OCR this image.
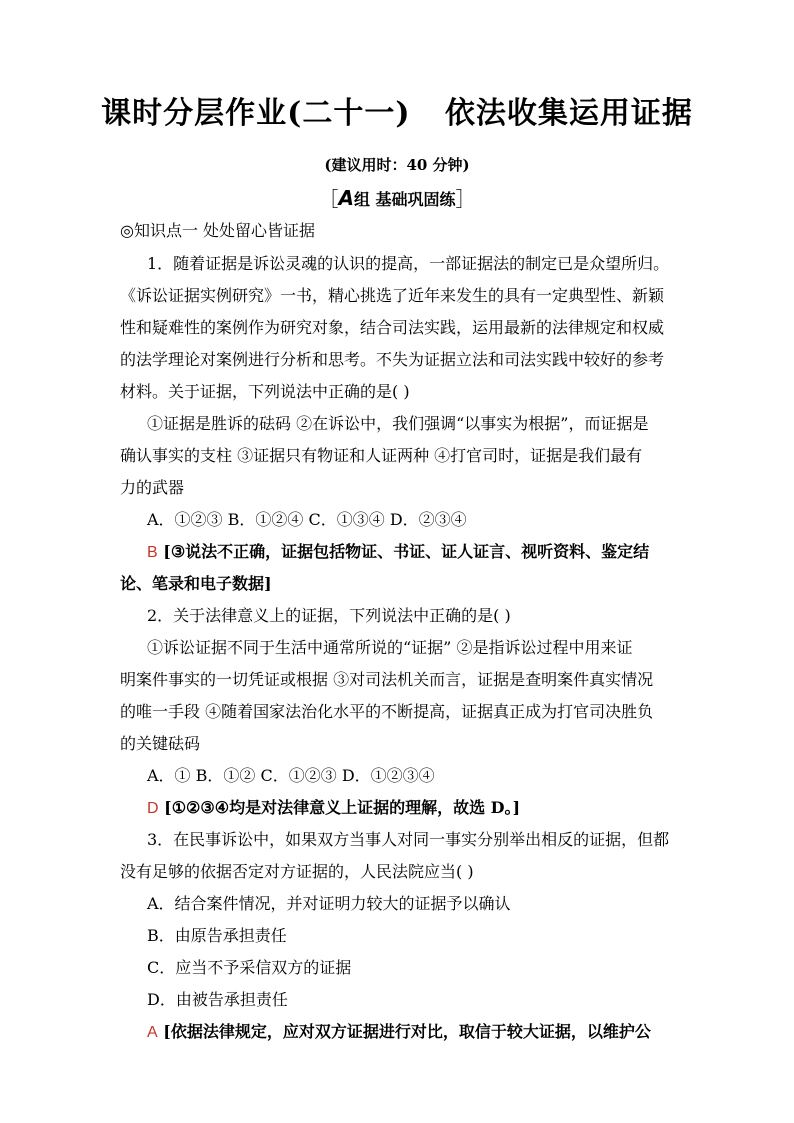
课时分层作业(二十一)   依法收集运用证据
(建议用时：40 分钟)
［A组 基础巩固练］
◎知识点一 处处留心皆证据
1．随着证据是诉讼灵魂的认识的提高，一部证据法的制定已是众望所归。
《诉讼证据实例研究》一书，精心挑选了近年来发生的具有一定典型性、新颖
性和疑难性的案例作为研究对象，结合司法实践，运用最新的法律规定和权威
的法学理论对案例进行分析和思考。不失为证据立法和司法实践中较好的参考
材料。关于证据，下列说法中正确的是( )
①证据是胜诉的砝码 ②在诉讼中，我们强调“以事实为根据”，而证据是
确认事实的支柱 ③证据只有物证和人证两种 ④打官司时，证据是我们最有
力的武器
A．①②③ B．①②④ C．①③④ D．②③④
B [③说法不正确，证据包括物证、书证、证人证言、视听资料、鉴定结
论、笔录和电子数据]
2．关于法律意义上的证据，下列说法中正确的是( )
①诉讼证据不同于生活中通常所说的“证据” ②是指诉讼过程中用来证
明案件事实的一切凭证或根据 ③对司法机关而言，证据是查明案件真实情况
的唯一手段 ④随着国家法治化水平的不断提高，证据真正成为打官司决胜负
的关键砝码
A．① B．①② C．①②③ D．①②③④
D [①②③④均是对法律意义上证据的理解，故选 D。]
3．在民事诉讼中，如果双方当事人对同一事实分别举出相反的证据，但都
没有足够的依据否定对方证据的，人民法院应当( )
A．结合案件情况，并对证明力较大的证据予以确认
B．由原告承担责任
C．应当不予采信双方的证据
D．由被告承担责任
A [依据法律规定，应对双方证据进行对比，取信于较大证据，以维护公
